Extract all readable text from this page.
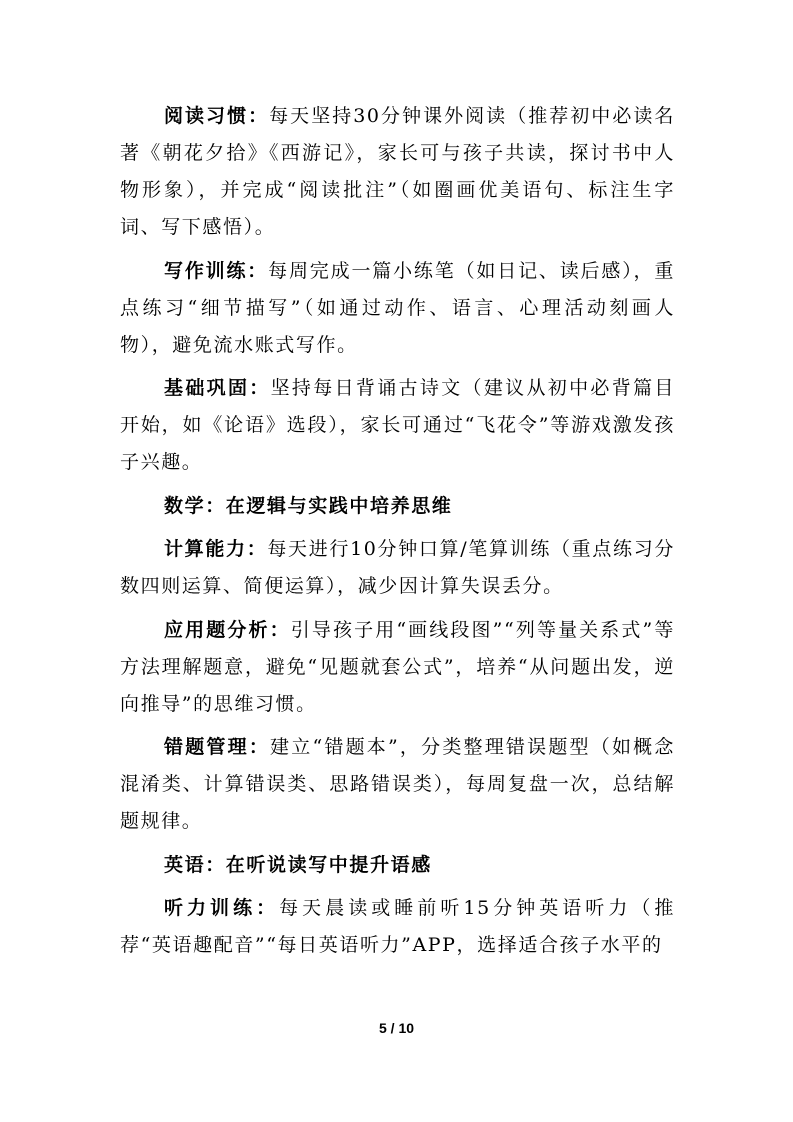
阅读习惯：每天坚持30分钟课外阅读（推荐初中必读名著《朝花夕拾》《西游记》，家长可与孩子共读，探讨书中人物形象），并完成“阅读批注”（如圈画优美语句、标注生字词、写下感悟）。

写作训练：每周完成一篇小练笔（如日记、读后感），重点练习“细节描写”（如通过动作、语言、心理活动刻画人物），避免流水账式写作。

基础巩固：坚持每日背诵古诗文（建议从初中必背篇目开始，如《论语》选段），家长可通过“飞花令”等游戏激发孩子兴趣。

数学：在逻辑与实践中培养思维

计算能力：每天进行10分钟口算/笔算训练（重点练习分数四则运算、简便运算），减少因计算失误丢分。

应用题分析：引导孩子用“画线段图”“列等量关系式”等方法理解题意，避免“见题就套公式”，培养“从问题出发，逆向推导”的思维习惯。

错题管理：建立“错题本”，分类整理错误题型（如概念混淆类、计算错误类、思路错误类），每周复盘一次，总结解题规律。

英语：在听说读写中提升语感

听力训练：每天晨读或睡前听15分钟英语听力（推荐“英语趣配音”“每日英语听力”APP，选择适合孩子水平的

5 / 10
